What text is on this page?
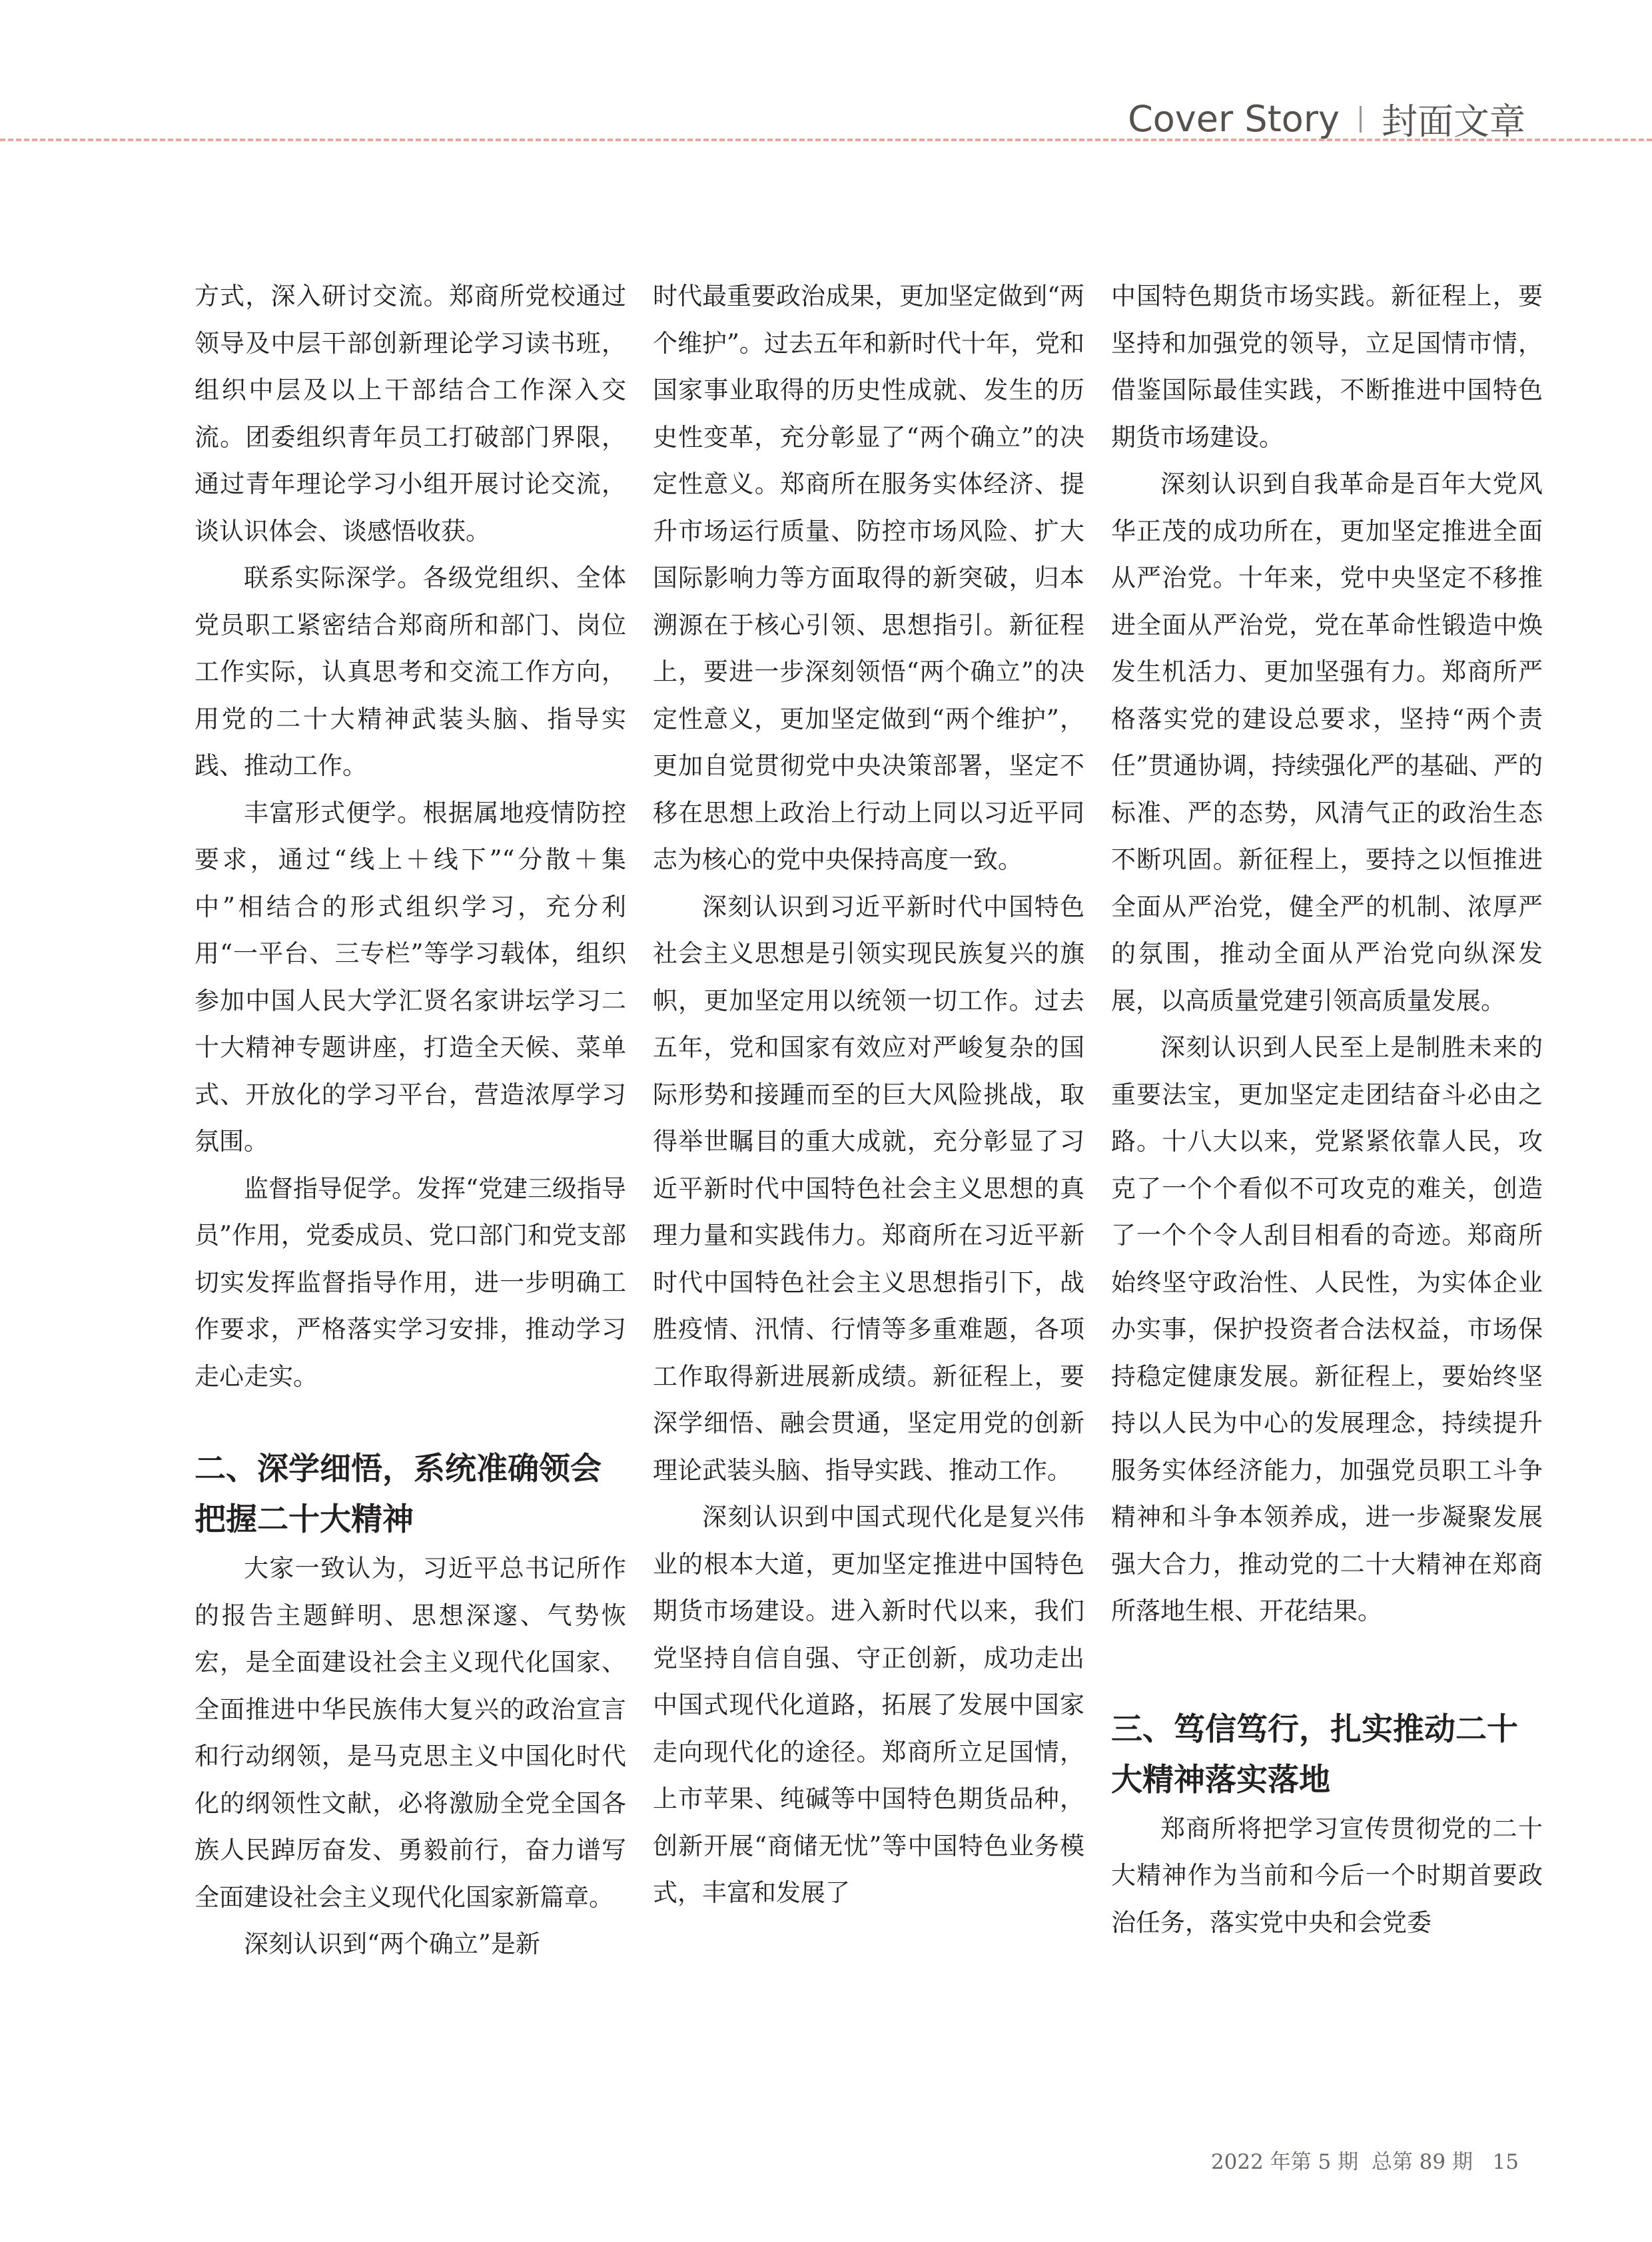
Cover Story 封面文章

方式，深入研讨交流。郑商所党校通过领导及中层干部创新理论学习读书班，组织中层及以上干部结合工作深入交流。团委组织青年员工打破部门界限，通过青年理论学习小组开展讨论交流，谈认识体会、谈感悟收获。

联系实际深学。各级党组织、全体党员职工紧密结合郑商所和部门、岗位工作实际，认真思考和交流工作方向，用党的二十大精神武装头脑、指导实践、推动工作。

丰富形式便学。根据属地疫情防控要求，通过“线上＋线下”“分散＋集中”相结合的形式组织学习，充分利用“一平台、三专栏”等学习载体，组织参加中国人民大学汇贤名家讲坛学习二十大精神专题讲座，打造全天候、菜单式、开放化的学习平台，营造浓厚学习氛围。

监督指导促学。发挥“党建三级指导员”作用，党委成员、党口部门和党支部切实发挥监督指导作用，进一步明确工作要求，严格落实学习安排，推动学习走心走实。

二、深学细悟，系统准确领会把握二十大精神

大家一致认为，习近平总书记所作的报告主题鲜明、思想深邃、气势恢宏，是全面建设社会主义现代化国家、全面推进中华民族伟大复兴的政治宣言和行动纲领，是马克思主义中国化时代化的纲领性文献，必将激励全党全国各族人民踔厉奋发、勇毅前行，奋力谱写全面建设社会主义现代化国家新篇章。

深刻认识到“两个确立”是新

时代最重要政治成果，更加坚定做到“两个维护”。过去五年和新时代十年，党和国家事业取得的历史性成就、发生的历史性变革，充分彰显了“两个确立”的决定性意义。郑商所在服务实体经济、提升市场运行质量、防控市场风险、扩大国际影响力等方面取得的新突破，归本溯源在于核心引领、思想指引。新征程上，要进一步深刻领悟“两个确立”的决定性意义，更加坚定做到“两个维护”，更加自觉贯彻党中央决策部署，坚定不移在思想上政治上行动上同以习近平同志为核心的党中央保持高度一致。

深刻认识到习近平新时代中国特色社会主义思想是引领实现民族复兴的旗帜，更加坚定用以统领一切工作。过去五年，党和国家有效应对严峻复杂的国际形势和接踵而至的巨大风险挑战，取得举世瞩目的重大成就，充分彰显了习近平新时代中国特色社会主义思想的真理力量和实践伟力。郑商所在习近平新时代中国特色社会主义思想指引下，战胜疫情、汛情、行情等多重难题，各项工作取得新进展新成绩。新征程上，要深学细悟、融会贯通，坚定用党的创新理论武装头脑、指导实践、推动工作。

深刻认识到中国式现代化是复兴伟业的根本大道，更加坚定推进中国特色期货市场建设。进入新时代以来，我们党坚持自信自强、守正创新，成功走出中国式现代化道路，拓展了发展中国家走向现代化的途径。郑商所立足国情，上市苹果、纯碱等中国特色期货品种，创新开展“商储无忧”等中国特色业务模式，丰富和发展了

中国特色期货市场实践。新征程上，要坚持和加强党的领导，立足国情市情，借鉴国际最佳实践，不断推进中国特色期货市场建设。

深刻认识到自我革命是百年大党风华正茂的成功所在，更加坚定推进全面从严治党。十年来，党中央坚定不移推进全面从严治党，党在革命性锻造中焕发生机活力、更加坚强有力。郑商所严格落实党的建设总要求，坚持“两个责任”贯通协调，持续强化严的基础、严的标准、严的态势，风清气正的政治生态不断巩固。新征程上，要持之以恒推进全面从严治党，健全严的机制、浓厚严的氛围，推动全面从严治党向纵深发展，以高质量党建引领高质量发展。

深刻认识到人民至上是制胜未来的重要法宝，更加坚定走团结奋斗必由之路。十八大以来，党紧紧依靠人民，攻克了一个个看似不可攻克的难关，创造了一个个令人刮目相看的奇迹。郑商所始终坚守政治性、人民性，为实体企业办实事，保护投资者合法权益，市场保持稳定健康发展。新征程上，要始终坚持以人民为中心的发展理念，持续提升服务实体经济能力，加强党员职工斗争精神和斗争本领养成，进一步凝聚发展强大合力，推动党的二十大精神在郑商所落地生根、开花结果。

三、笃信笃行，扎实推动二十大精神落实落地

郑商所将把学习宣传贯彻党的二十大精神作为当前和今后一个时期首要政治任务，落实党中央和会党委

2022 年第 5 期  总第 89 期   15
